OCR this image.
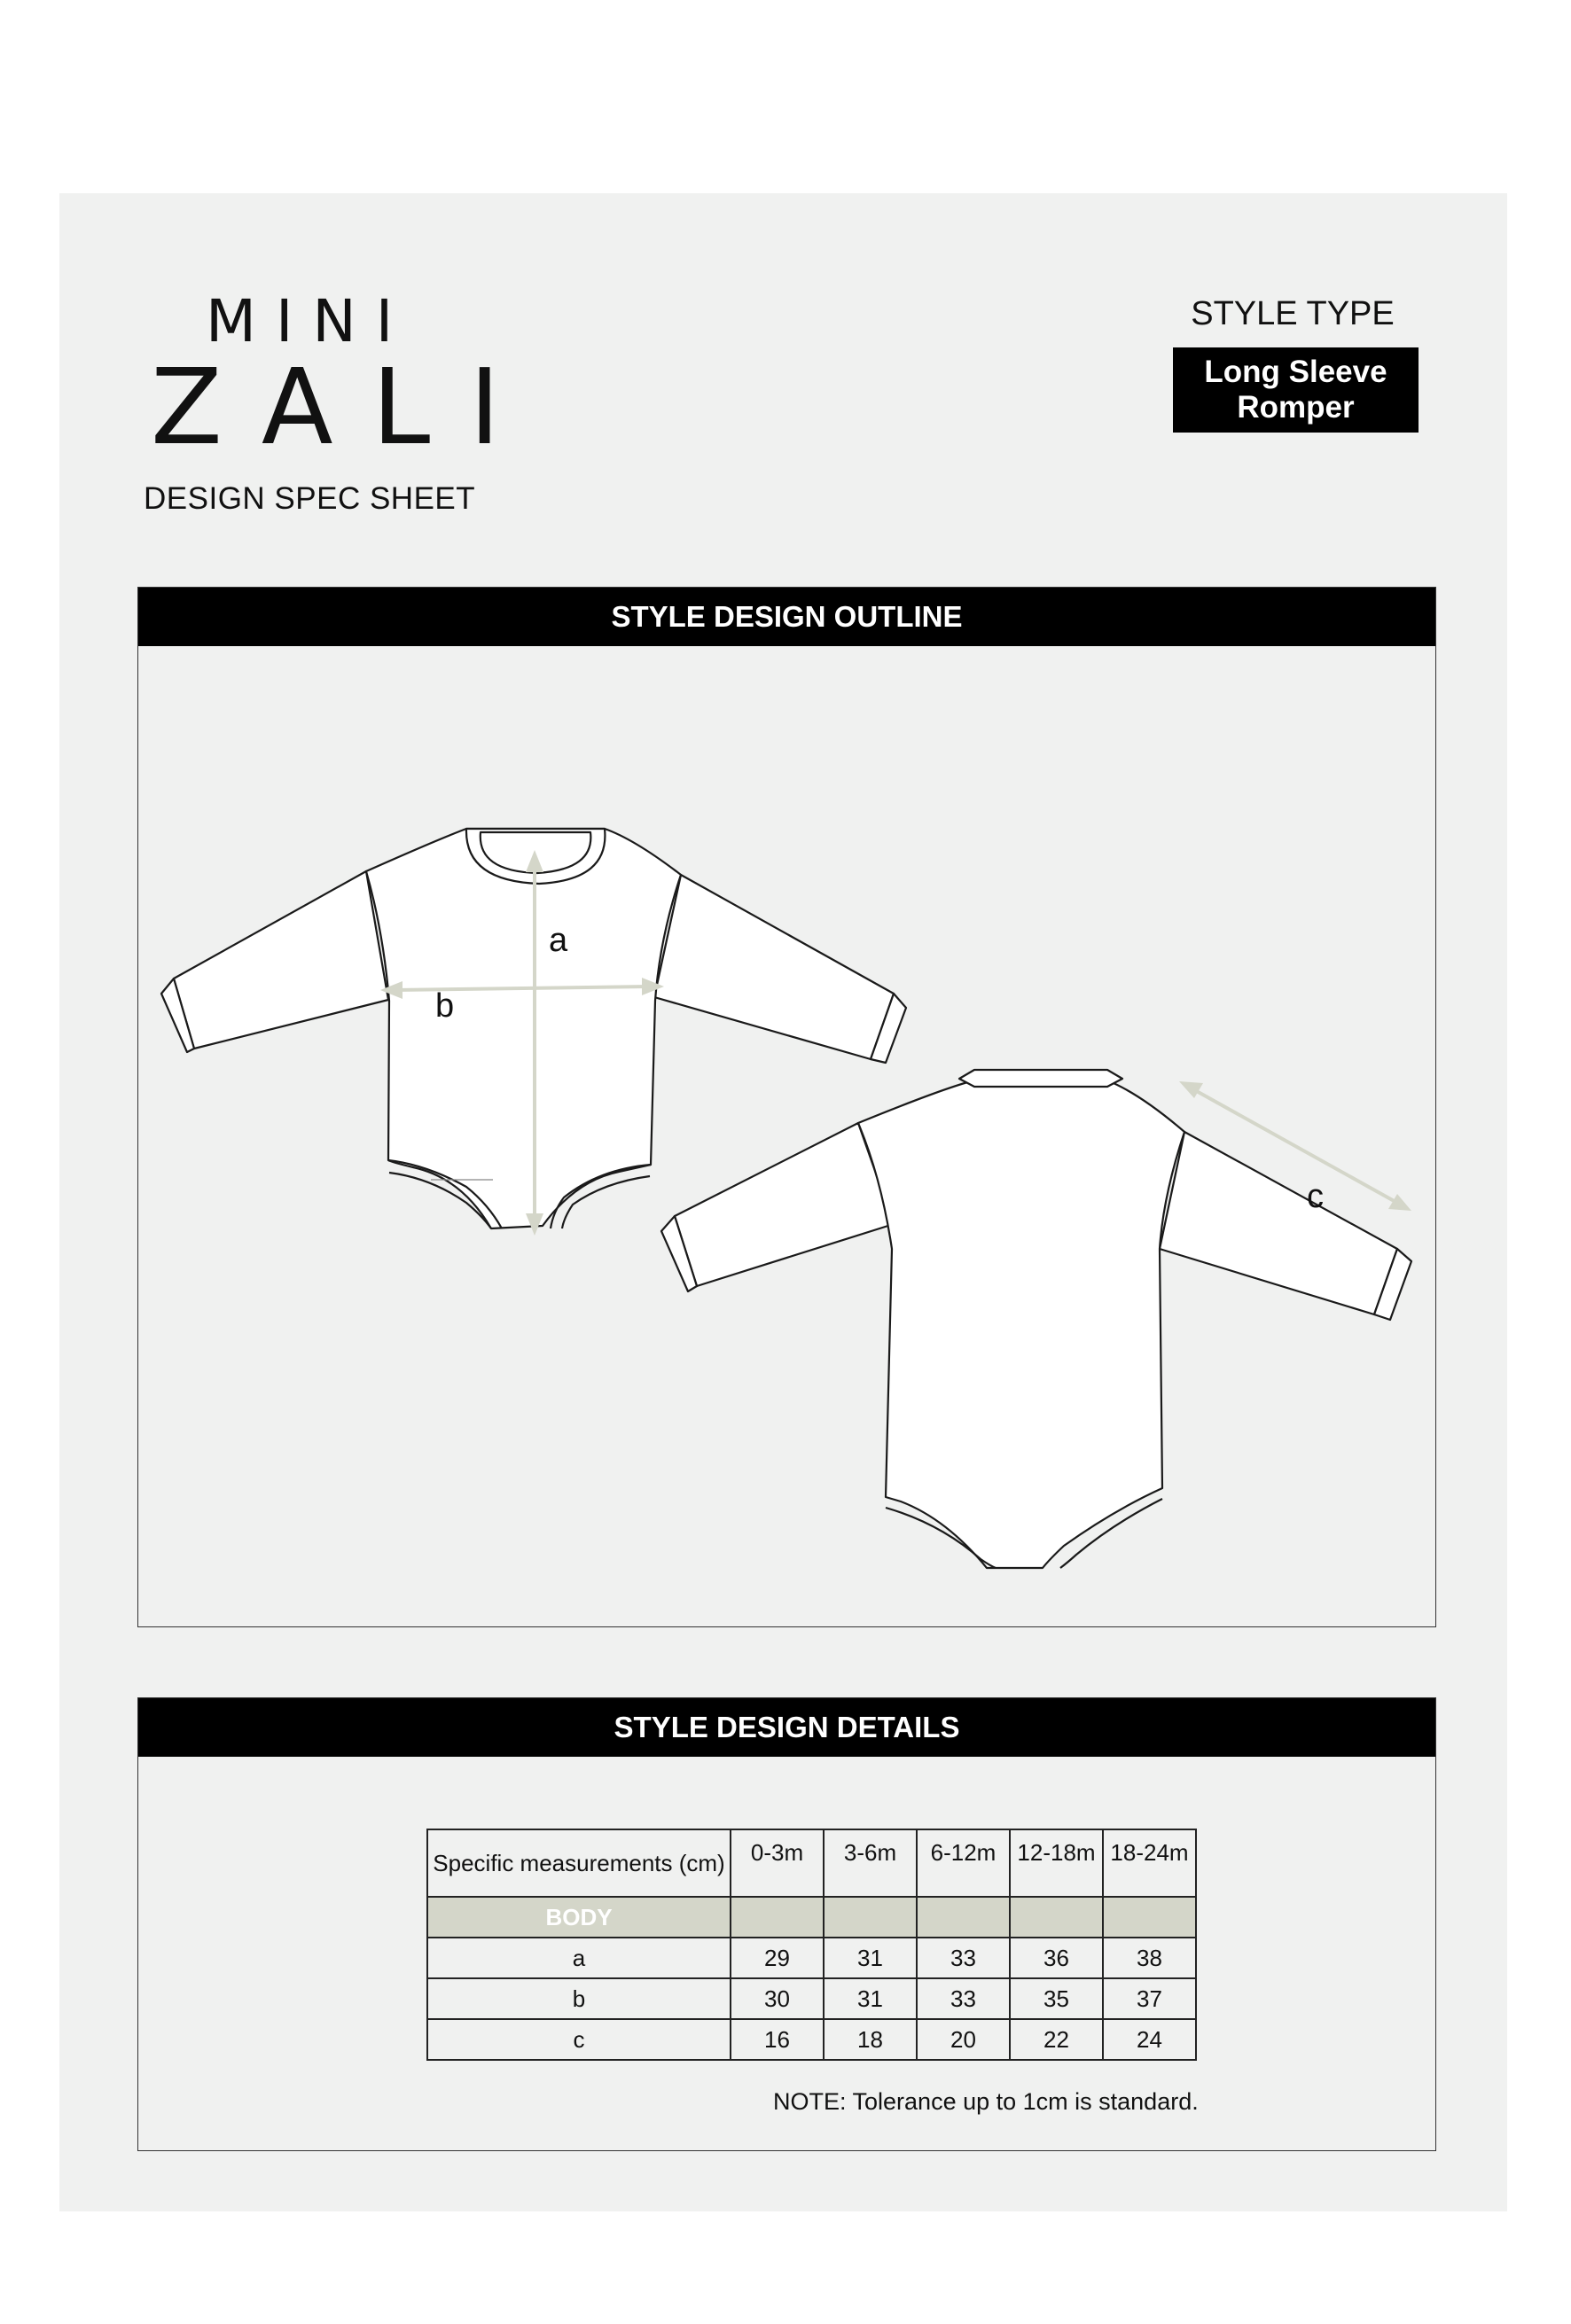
MINI
ZALI
DESIGN SPEC SHEET
STYLE TYPE
Long Sleeve
Romper
STYLE DESIGN OUTLINE
a
b
c
STYLE DESIGN DETAILS
Specific measurements (cm)	0-3m	3-6m	6-12m	12-18m	18-24m
BODY					
a	29	31	33	36	38
b	30	31	33	35	37
c	16	18	20	22	24
NOTE: Tolerance up to 1cm is standard.
